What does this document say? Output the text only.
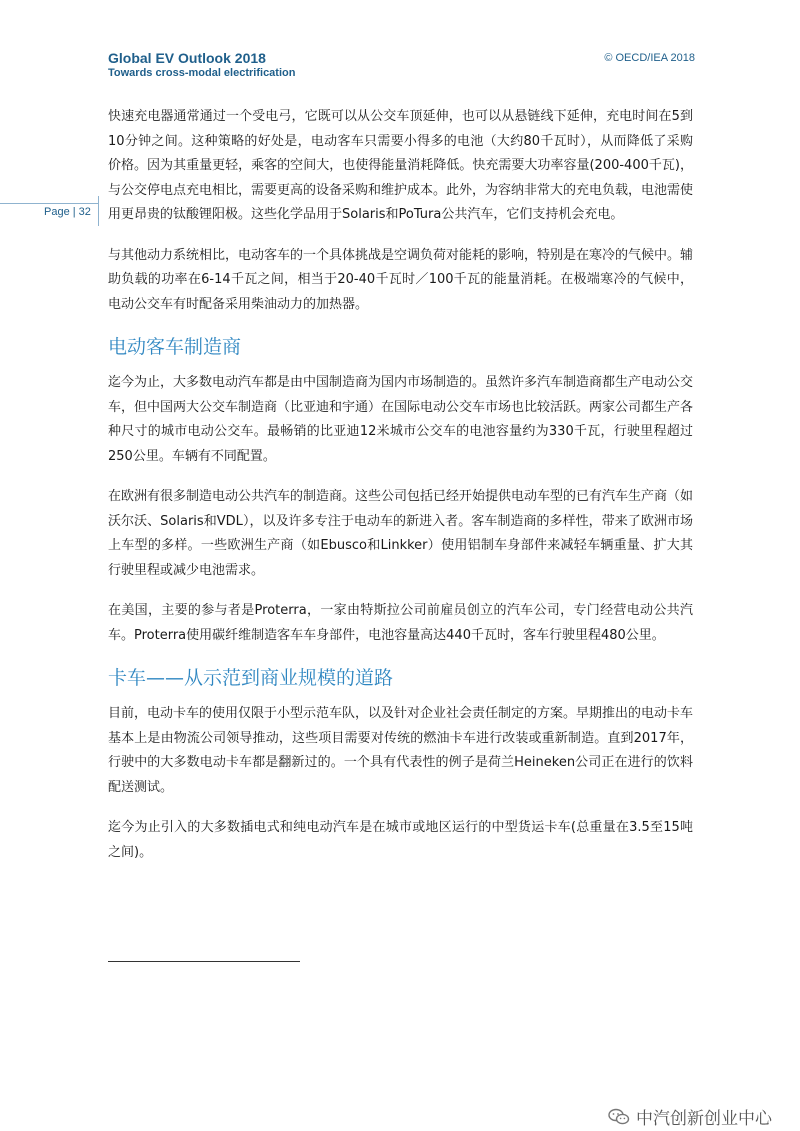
Global EV Outlook 2018
Towards cross-modal electrification
© OECD/IEA 2018
Page | 32

快速充电器通常通过一个受电弓，它既可以从公交车顶延伸，也可以从悬链线下延伸，充电时间在5到10分钟之间。这种策略的好处是，电动客车只需要小得多的电池（大约80千瓦时），从而降低了采购价格。因为其重量更轻，乘客的空间大，也使得能量消耗降低。快充需要大功率容量(200-400千瓦)，与公交停电点充电相比，需要更高的设备采购和维护成本。此外，为容纳非常大的充电负载，电池需使用更昂贵的钛酸锂阳极。这些化学品用于Solaris和PoTura公共汽车，它们支持机会充电。

与其他动力系统相比，电动客车的一个具体挑战是空调负荷对能耗的影响，特别是在寒冷的气候中。辅助负载的功率在6-14千瓦之间，相当于20-40千瓦时／100千瓦的能量消耗。在极端寒冷的气候中，电动公交车有时配备采用柴油动力的加热器。

电动客车制造商

迄今为止，大多数电动汽车都是由中国制造商为国内市场制造的。虽然许多汽车制造商都生产电动公交车，但中国两大公交车制造商（比亚迪和宇通）在国际电动公交车市场也比较活跃。两家公司都生产各种尺寸的城市电动公交车。最畅销的比亚迪12米城市公交车的电池容量约为330千瓦，行驶里程超过250公里。车辆有不同配置。

在欧洲有很多制造电动公共汽车的制造商。这些公司包括已经开始提供电动车型的已有汽车生产商（如沃尔沃、Solaris和VDL），以及许多专注于电动车的新进入者。客车制造商的多样性，带来了欧洲市场上车型的多样。一些欧洲生产商（如Ebusco和Linkker）使用铝制车身部件来减轻车辆重量、扩大其行驶里程或减少电池需求。

在美国，主要的参与者是Proterra，一家由特斯拉公司前雇员创立的汽车公司，专门经营电动公共汽车。Proterra使用碳纤维制造客车车身部件，电池容量高达440千瓦时，客车行驶里程480公里。

卡车——从示范到商业规模的道路

目前，电动卡车的使用仅限于小型示范车队，以及针对企业社会责任制定的方案。早期推出的电动卡车基本上是由物流公司领导推动，这些项目需要对传统的燃油卡车进行改装或重新制造。直到2017年，行驶中的大多数电动卡车都是翻新过的。一个具有代表性的例子是荷兰Heineken公司正在进行的饮料配送测试。

迄今为止引入的大多数插电式和纯电动汽车是在城市或地区运行的中型货运卡车(总重量在3.5至15吨之间)。

中汽创新创业中心
